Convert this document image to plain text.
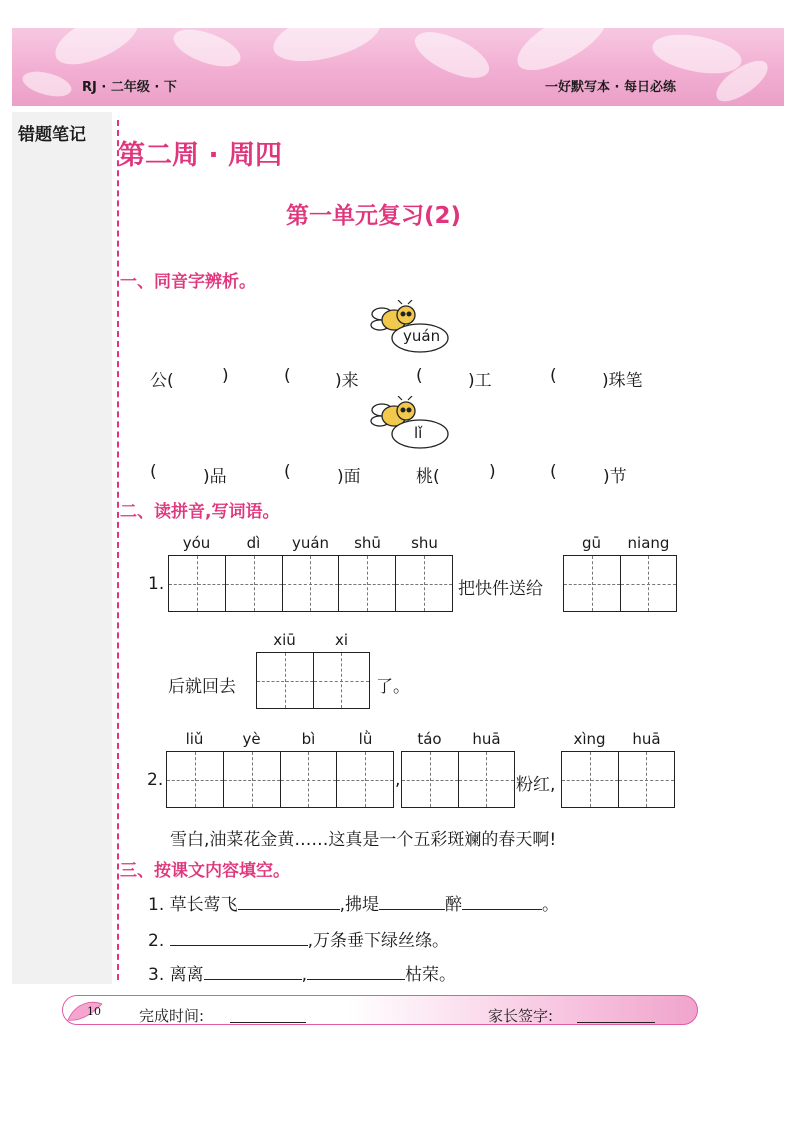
RJ · 二年级 · 下	一好默写本 · 每日必练
错题笔记
第二周 · 周四
第一单元复习(2)
一、同音字辨析。
yuán
公(	)	(	)来	(	)工	(	)珠笔
lǐ
(	)品	(	)面	桃(	)	(	)节
二、读拼音,写词语。
yóu	dì	yuán	shū	shu
1.	把快件送给
gū	niang
xiū	xi
后就回去	了。
liǔ	yè	bì	lǜ
2.	,
táo	huā
粉红,
xìng	huā
雪白,油菜花金黄……这真是一个五彩斑斓的春天啊!
三、按课文内容填空。
1. 草长莺飞	,拂堤	醉	。
2.	,万条垂下绿丝绦。
3. 离离	,	枯荣。
10	完成时间:	家长签字:
